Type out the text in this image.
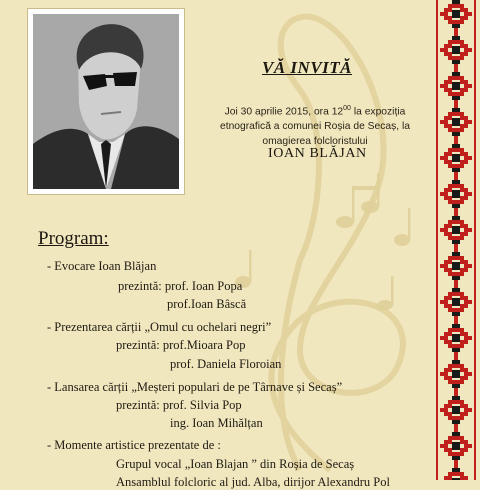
VĂ INVITĂ
Joi 30 aprilie 2015, ora $12^{00}$ la expoziția etnografică a comunei Roșia de Secaș, la omagierea folcloristului
IOAN BLĂJAN
Program:
- Evocare Ioan Blăjan
prezintă: prof. Ioan Popa
prof.Ioan Bâscă
- Prezentarea cărții „Omul cu ochelari negri”
prezintă: prof.Mioara Pop
prof. Daniela Floroian
- Lansarea cărții „Meșteri populari de pe Târnave și Secaș”
prezintă: prof. Silvia Pop
ing. Ioan Mihălțan
- Momente artistice prezentate de :
Grupul vocal „Ioan Blajan ” din Roșia de Secaș
Ansamblul folcloric al jud. Alba, dirijor Alexandru Pol
